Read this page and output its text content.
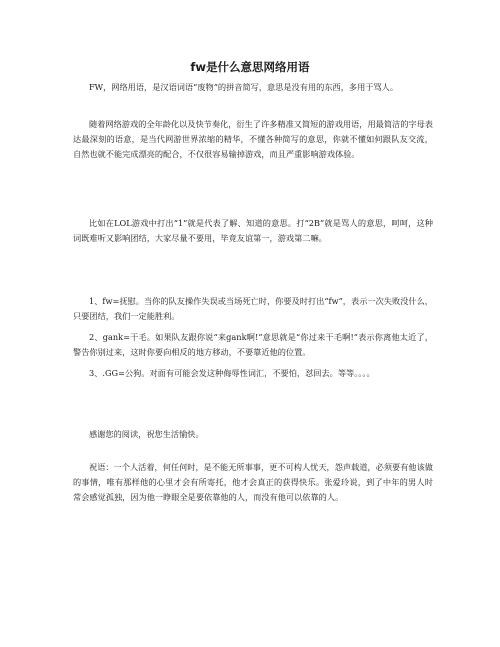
fw是什么意思网络用语

FW，网络用语，是汉语词语“废物”的拼音简写，意思是没有用的东西，多用于骂人。

随着网络游戏的全年龄化以及快节奏化，衍生了许多精准又简短的游戏用语，用最简洁的字母表达最深刻的语意，是当代网游世界浓缩的精华，不懂各种简写的意思，你就不懂如何跟队友交流，自然也就不能完成漂亮的配合，不仅很容易输掉游戏，而且严重影响游戏体验。

比如在LOL游戏中打出“1”就是代表了解、知道的意思。打“2B”就是骂人的意思，呵呵，这种词既难听又影响团结，大家尽量不要用，毕竟友谊第一，游戏第二嘛。

1、fw=抚慰。当你的队友操作失误或当场死亡时，你要及时打出“fw”，表示一次失败没什么，只要团结，我们一定能胜利。

2、gank=干毛。如果队友跟你说“来gank啊!”意思就是“你过来干毛啊!”表示你离他太近了，警告你别过来，这时你要向相反的地方移动，不要靠近他的位置。

3、.GG=公狗。对面有可能会发这种侮辱性词汇，不要怕，怼回去。等等。。。。

感谢您的阅读，祝您生活愉快。

祝语：一个人活着，何任何时，是不能无所事事，更不可构人忧天，怨声载道，必须要有他该做的事情，唯有那样他的心里才会有所寄托，他才会真正的获得快乐。张爱玲说，到了中年的男人时常会感觉孤独，因为他一睁眼全是要依靠他的人，而没有他可以依靠的人。
